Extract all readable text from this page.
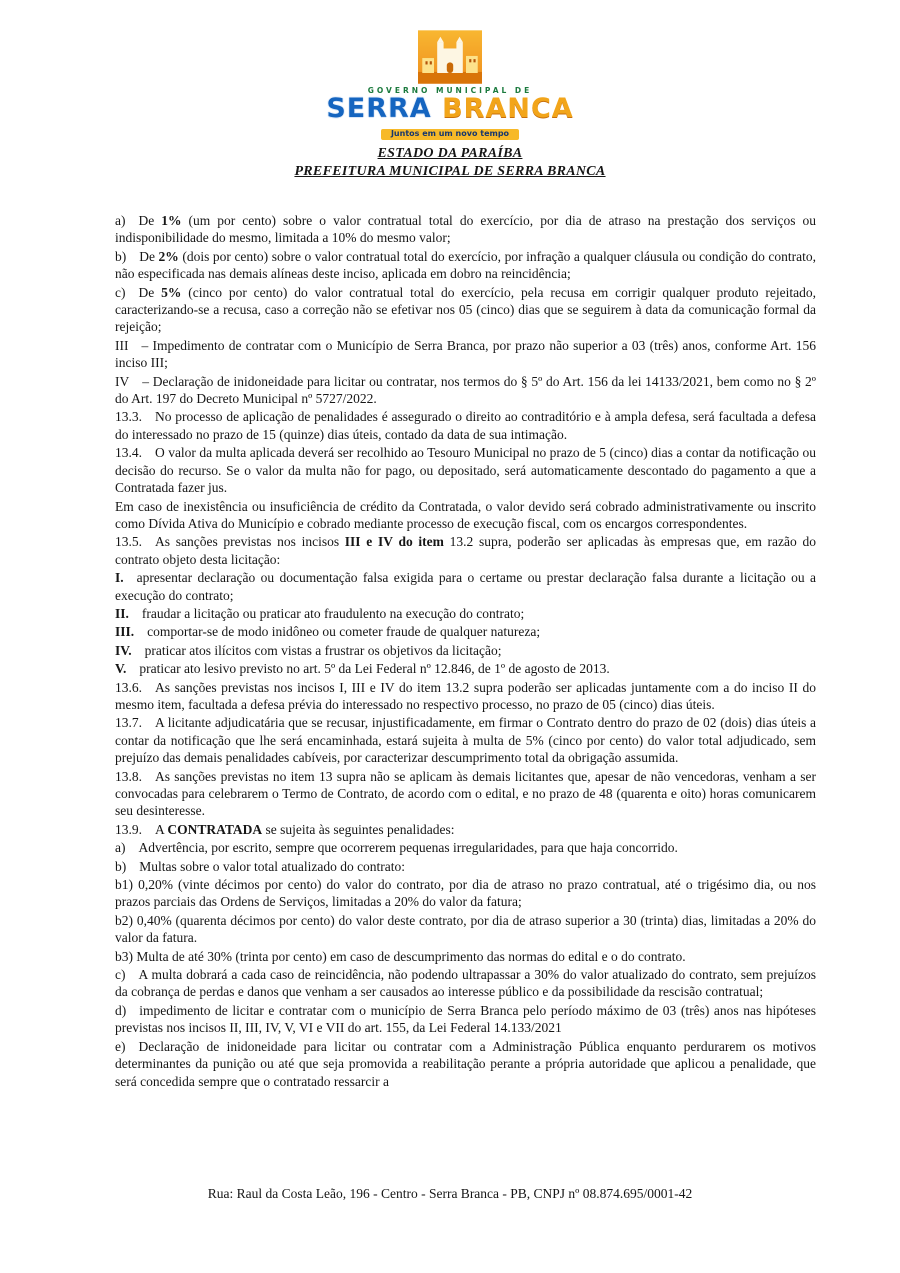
GOVERNO MUNICIPAL DE
SERRA BRANCA
Juntos em um novo tempo
ESTADO DA PARAÍBA
PREFEITURA MUNICIPAL DE SERRA BRANCA

a) De 1% (um por cento) sobre o valor contratual total do exercício, por dia de atraso na prestação dos serviços ou indisponibilidade do mesmo, limitada a 10% do mesmo valor;

b) De 2% (dois por cento) sobre o valor contratual total do exercício, por infração a qualquer cláusula ou condição do contrato, não especificada nas demais alíneas deste inciso, aplicada em dobro na reincidência;

c) De 5% (cinco por cento) do valor contratual total do exercício, pela recusa em corrigir qualquer produto rejeitado, caracterizando-se a recusa, caso a correção não se efetivar nos 05 (cinco) dias que se seguirem à data da comunicação formal da rejeição;

III – Impedimento de contratar com o Município de Serra Branca, por prazo não superior a 03 (três) anos, conforme Art. 156 inciso III;

IV – Declaração de inidoneidade para licitar ou contratar, nos termos do § 5º do Art. 156 da lei 14133/2021, bem como no § 2º do Art. 197 do Decreto Municipal nº 5727/2022.

13.3. No processo de aplicação de penalidades é assegurado o direito ao contraditório e à ampla defesa, será facultada a defesa do interessado no prazo de 15 (quinze) dias úteis, contado da data de sua intimação.

13.4. O valor da multa aplicada deverá ser recolhido ao Tesouro Municipal no prazo de 5 (cinco) dias a contar da notificação ou decisão do recurso. Se o valor da multa não for pago, ou depositado, será automaticamente descontado do pagamento a que a Contratada fazer jus.

Em caso de inexistência ou insuficiência de crédito da Contratada, o valor devido será cobrado administrativamente ou inscrito como Dívida Ativa do Município e cobrado mediante processo de execução fiscal, com os encargos correspondentes.

13.5. As sanções previstas nos incisos III e IV do item 13.2 supra, poderão ser aplicadas às empresas que, em razão do contrato objeto desta licitação:

I. apresentar declaração ou documentação falsa exigida para o certame ou prestar declaração falsa durante a licitação ou a execução do contrato;

II. fraudar a licitação ou praticar ato fraudulento na execução do contrato;

III. comportar-se de modo inidôneo ou cometer fraude de qualquer natureza;

IV. praticar atos ilícitos com vistas a frustrar os objetivos da licitação;

V. praticar ato lesivo previsto no art. 5º da Lei Federal nº 12.846, de 1º de agosto de 2013.

13.6. As sanções previstas nos incisos I, III e IV do item 13.2 supra poderão ser aplicadas juntamente com a do inciso II do mesmo item, facultada a defesa prévia do interessado no respectivo processo, no prazo de 05 (cinco) dias úteis.

13.7. A licitante adjudicatária que se recusar, injustificadamente, em firmar o Contrato dentro do prazo de 02 (dois) dias úteis a contar da notificação que lhe será encaminhada, estará sujeita à multa de 5% (cinco por cento) do valor total adjudicado, sem prejuízo das demais penalidades cabíveis, por caracterizar descumprimento total da obrigação assumida.

13.8. As sanções previstas no item 13 supra não se aplicam às demais licitantes que, apesar de não vencedoras, venham a ser convocadas para celebrarem o Termo de Contrato, de acordo com o edital, e no prazo de 48 (quarenta e oito) horas comunicarem seu desinteresse.

13.9. A CONTRATADA se sujeita às seguintes penalidades:

a) Advertência, por escrito, sempre que ocorrerem pequenas irregularidades, para que haja concorrido.

b) Multas sobre o valor total atualizado do contrato:

b1) 0,20% (vinte décimos por cento) do valor do contrato, por dia de atraso no prazo contratual, até o trigésimo dia, ou nos prazos parciais das Ordens de Serviços, limitadas a 20% do valor da fatura;

b2) 0,40% (quarenta décimos por cento) do valor deste contrato, por dia de atraso superior a 30 (trinta) dias, limitadas a 20% do valor da fatura.

b3) Multa de até 30% (trinta por cento) em caso de descumprimento das normas do edital e o do contrato.

c) A multa dobrará a cada caso de reincidência, não podendo ultrapassar a 30% do valor atualizado do contrato, sem prejuízos da cobrança de perdas e danos que venham a ser causados ao interesse público e da possibilidade da rescisão contratual;

d) impedimento de licitar e contratar com o município de Serra Branca pelo período máximo de 03 (três) anos nas hipóteses previstas nos incisos II, III, IV, V, VI e VII do art. 155, da Lei Federal 14.133/2021

e) Declaração de inidoneidade para licitar ou contratar com a Administração Pública enquanto perdurarem os motivos determinantes da punição ou até que seja promovida a reabilitação perante a própria autoridade que aplicou a penalidade, que será concedida sempre que o contratado ressarcir a

Rua: Raul da Costa Leão, 196 - Centro - Serra Branca - PB, CNPJ nº 08.874.695/0001-42
